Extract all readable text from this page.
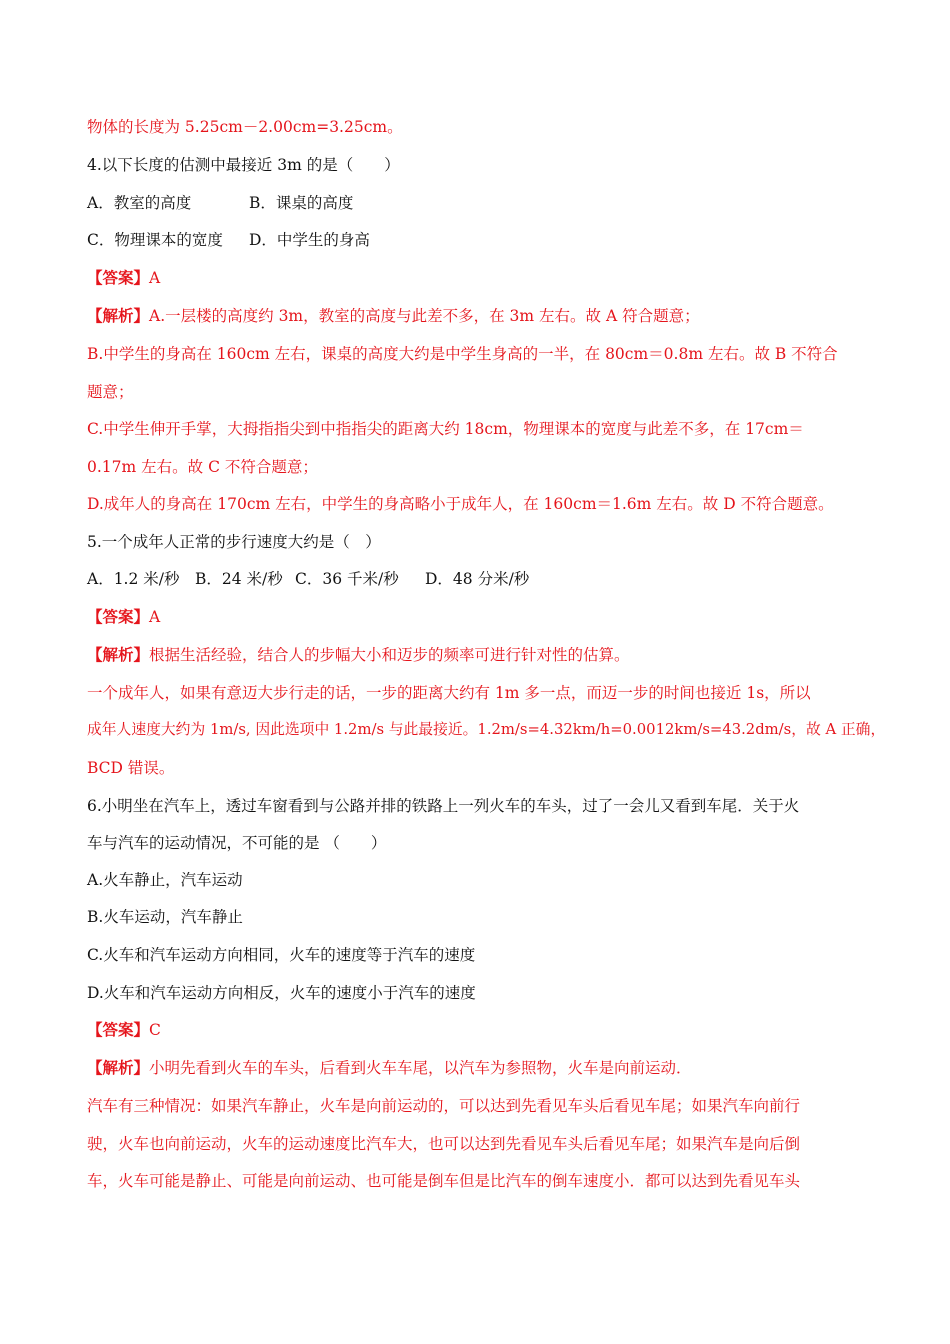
物体的长度为 5.25cm－2.00cm=3.25cm。
4.以下长度的估测中最接近 3m 的是（　　）
A．教室的高度	B．课桌的高度
C．物理课本的宽度 D．中学生的身高
【答案】A
【解析】A.一层楼的高度约 3m，教室的高度与此差不多，在 3m 左右。故 A 符合题意；
B.中学生的身高在 160cm 左右，课桌的高度大约是中学生身高的一半，在 80cm＝0.8m 左右。故 B 不符合
题意；
C.中学生伸开手掌，大拇指指尖到中指指尖的距离大约 18cm，物理课本的宽度与此差不多，在 17cm＝
0.17m 左右。故 C 不符合题意；
D.成年人的身高在 170cm 左右，中学生的身高略小于成年人，在 160cm＝1.6m 左右。故 D 不符合题意。
5.一个成年人正常的步行速度大约是（　）
A．1.2 米/秒 B．24 米/秒 C．36 千米/秒 D．48 分米/秒
【答案】A
【解析】根据生活经验，结合人的步幅大小和迈步的频率可进行针对性的估算。
一个成年人，如果有意迈大步行走的话，一步的距离大约有 1m 多一点，而迈一步的时间也接近 1s，所以
成年人速度大约为 1m/s, 因此选项中 1.2m/s 与此最接近。1.2m/s=4.32km/h=0.0012km/s=43.2dm/s，故 A 正确，
BCD 错误。
6.小明坐在汽车上，透过车窗看到与公路并排的铁路上一列火车的车头，过了一会儿又看到车尾．关于火
车与汽车的运动情况，不可能的是 （　　）
A.火车静止，汽车运动
B.火车运动，汽车静止
C.火车和汽车运动方向相同，火车的速度等于汽车的速度
D.火车和汽车运动方向相反，火车的速度小于汽车的速度
【答案】C
【解析】小明先看到火车的车头，后看到火车车尾，以汽车为参照物，火车是向前运动．
汽车有三种情况：如果汽车静止，火车是向前运动的，可以达到先看见车头后看见车尾；如果汽车向前行
驶，火车也向前运动，火车的运动速度比汽车大，也可以达到先看见车头后看见车尾；如果汽车是向后倒
车，火车可能是静止、可能是向前运动、也可能是倒车但是比汽车的倒车速度小．都可以达到先看见车头
